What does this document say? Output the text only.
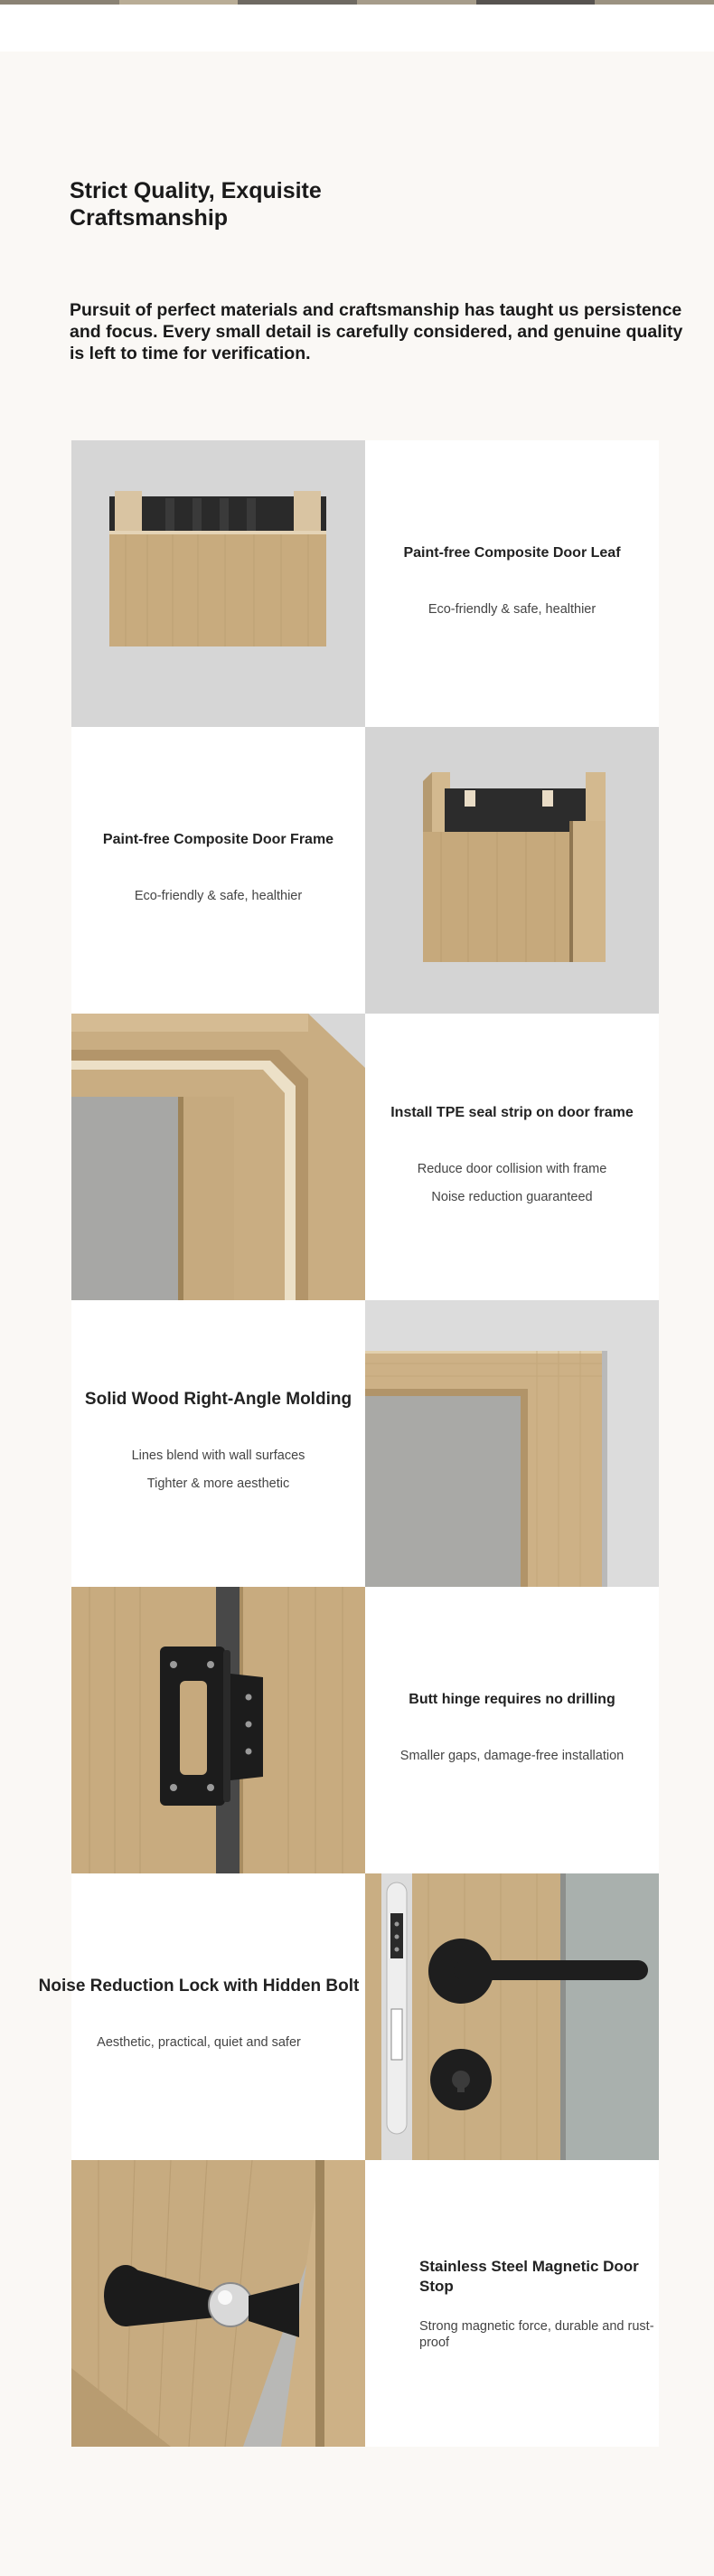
Strict Quality, Exquisite Craftsmanship

Pursuit of perfect materials and craftsmanship has taught us persistence and focus. Every small detail is carefully considered, and genuine quality is left to time for verification.

Paint-free Composite Door Leaf
Eco-friendly & safe, healthier
Paint-free Composite Door Frame
Eco-friendly & safe, healthier
Install TPE seal strip on door frame
Reduce door collision with frame
Noise reduction guaranteed
Solid Wood Right-Angle Molding
Lines blend with wall surfaces
Tighter & more aesthetic
Butt hinge requires no drilling
Smaller gaps, damage-free installation
Noise Reduction Lock with Hidden Bolt
Aesthetic, practical, quiet and safer
Stainless Steel Magnetic Door Stop
Strong magnetic force, durable and rust-proof
